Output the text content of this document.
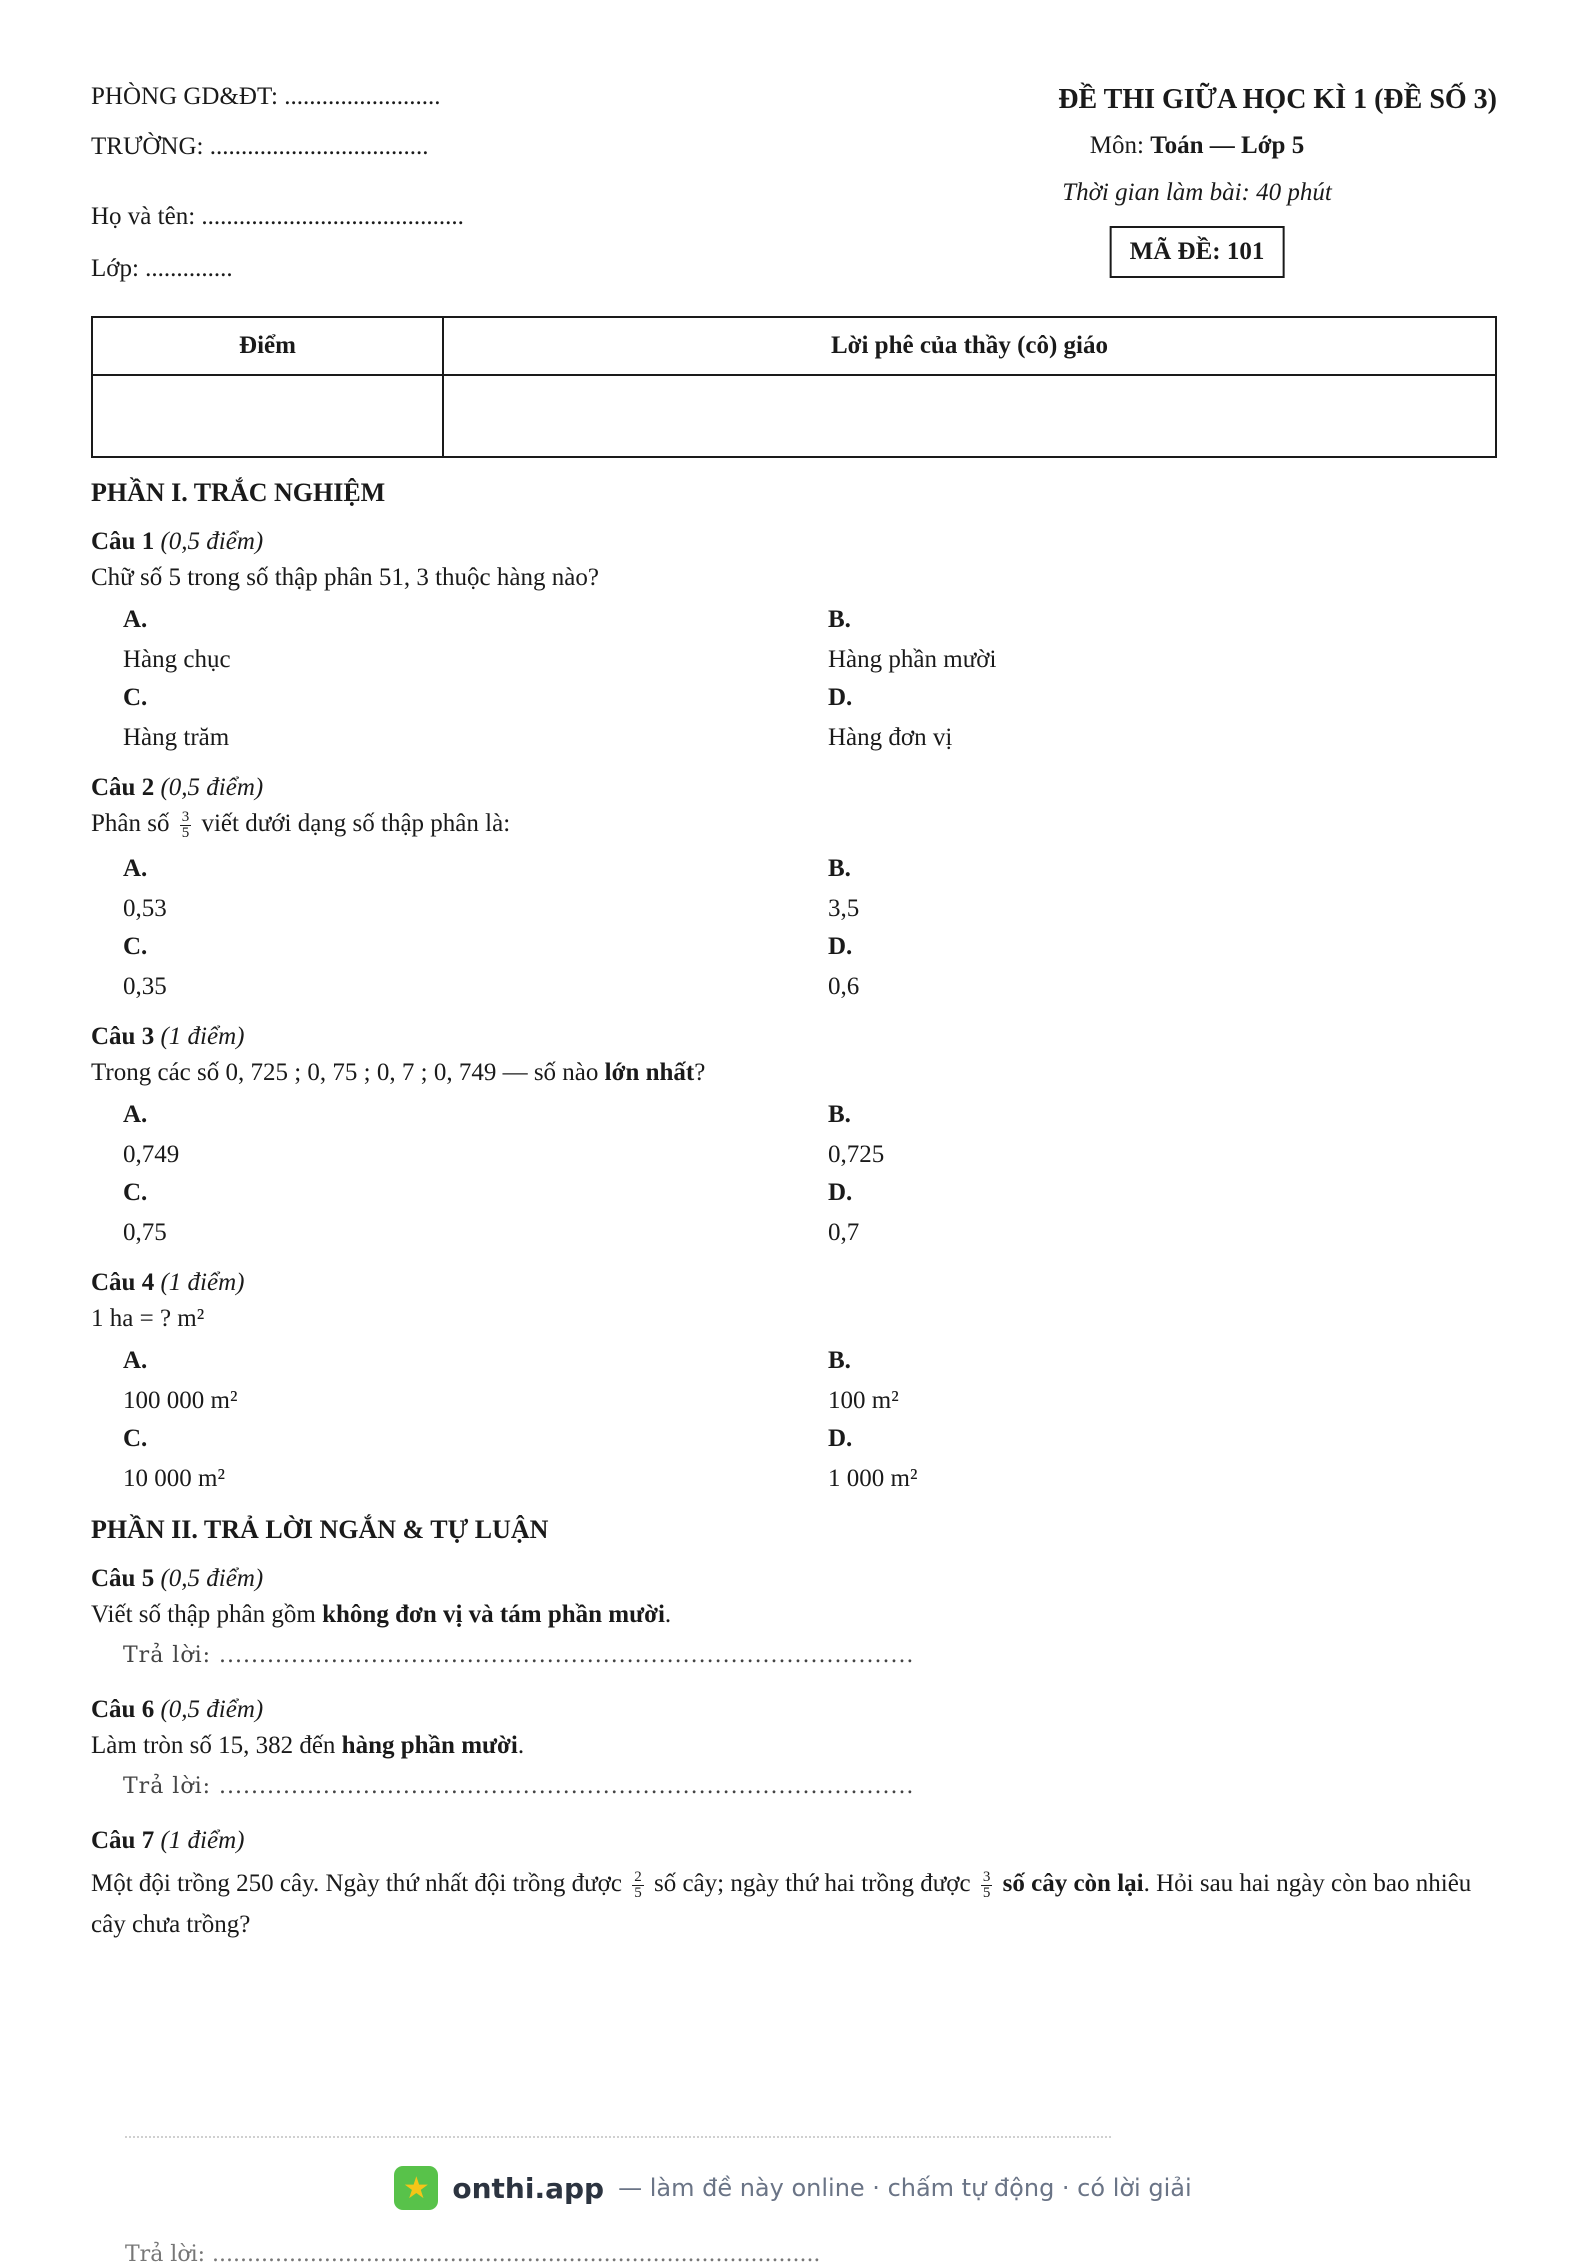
PHÒNG GD&ĐT: .........................
TRƯỜNG: ...................................
Họ và tên: ..........................................
Lớp: ..............
ĐỀ THI GIỮA HỌC KÌ 1 (ĐỀ SỐ 3)
Môn: Toán — Lớp 5
Thời gian làm bài: 40 phút
MÃ ĐỀ: 101
Điểm	Lời phê của thầy (cô) giáo

PHẦN I. TRẮC NGHIỆM
Câu 1 (0,5 điểm)
Chữ số 5 trong số thập phân 51, 3 thuộc hàng nào?
A.
Hàng chục
B.
Hàng phần mười
C.
Hàng trăm
D.
Hàng đơn vị
Câu 2 (0,5 điểm)
Phân số $\frac{3}{5}$ viết dưới dạng số thập phân là:
A.
0,53
B.
3,5
C.
0,35
D.
0,6
Câu 3 (1 điểm)
Trong các số 0, 725 ; 0, 75 ; 0, 7 ; 0, 749 — số nào lớn nhất?
A.
0,749
B.
0,725
C.
0,75
D.
0,7
Câu 4 (1 điểm)
1 ha = ? m²
A.
100 000 m²
B.
100 m²
C.
10 000 m²
D.
1 000 m²
PHẦN II. TRẢ LỜI NGẮN & TỰ LUẬN
Câu 5 (0,5 điểm)
Viết số thập phân gồm không đơn vị và tám phần mười.
Trả lời: .......................................................................................
Câu 6 (0,5 điểm)
Làm tròn số 15, 382 đến hàng phần mười.
Trả lời: .......................................................................................
Câu 7 (1 điểm)
Một đội trồng 250 cây. Ngày thứ nhất đội trồng được $\frac{2}{5}$ số cây; ngày thứ hai trồng được $\frac{3}{5}$ số cây còn lại. Hỏi sau hai ngày còn bao nhiêu cây chưa trồng?
★ onthi.app — làm đề này online · chấm tự động · có lời giải
Trả lời: .......................................................................................
